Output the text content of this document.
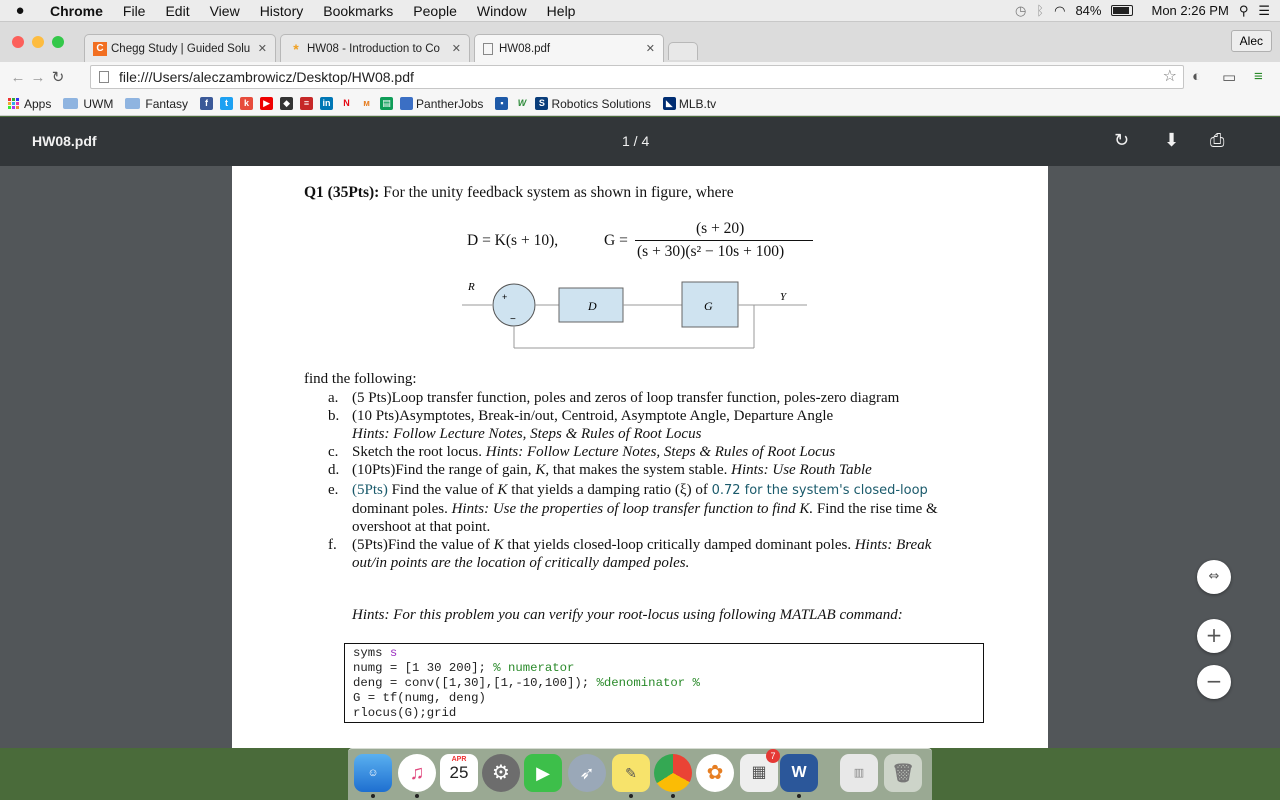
●	Chrome	File	Edit	View	History	Bookmarks	People	Window	Help	◷ ᛒ ◠ 84%	Mon 2:26 PM ⚲ ☰
C Chegg Study | Guided Solu ✕	* HW08 - Introduction to Co	✕	HW08.pdf	✕
Alec
← → ↻	file:///Users/aleczambrowicz/Desktop/HW08.pdf	☆ ◐ ▭ ≡
Apps	UWM	Fantasy	f	t	k	▶	◆	≡	in	N	ᴍ	▤ PantherJobs	▪	W	S Robotics Solutions	◣ MLB.tv
HW08.pdf	1 / 4	↻ ⬇ ⎙
Q1 (35Pts): For the unity feedback system as shown in figure, where
D = K(s + 10),	G =
(s + 20)
(s + 30)(s² − 10s + 100)
R
+
−
D	G
Y
find the following:
a. (5 Pts)Loop transfer function, poles and zeros of loop transfer function, poles-zero diagram
b. (10 Pts)Asymptotes, Break-in/out, Centroid, Asymptote Angle, Departure Angle
Hints: Follow Lecture Notes, Steps & Rules of Root Locus
c. Sketch the root locus. Hints: Follow Lecture Notes, Steps & Rules of Root Locus
d. (10Pts)Find the range of gain, K, that makes the system stable. Hints: Use Routh Table
e. (5Pts) Find the value of K that yields a damping ratio (ξ) of 0.72 for the system's closed-loop
dominant poles. Hints: Use the properties of loop transfer function to find K. Find the rise time &
overshoot at that point.
f.	(5Pts)Find the value of K that yields closed-loop critically damped dominant poles. Hints: Break
out/in points are the location of critically damped poles.
Hints: For this problem you can verify your root-locus using following MATLAB command:
syms s
numg = [1 30 200]; % numerator
deng = conv([1,30],[1,-10,100]); %denominator %
G = tf(numg, deng)
rlocus(G);grid
⇔
+
−
☺	♫
APR
25	⚙	▶	➶	✎	✿	▦
7
W	▥	🗑
